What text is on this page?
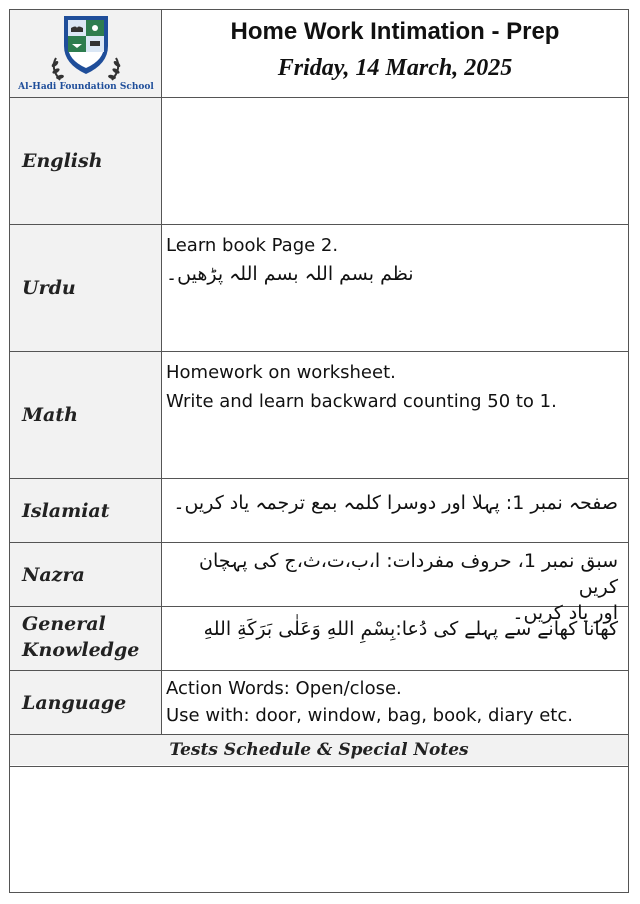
Al-Hadi Foundation School
Home Work Intimation - Prep
Friday, 14 March, 2025
English
Urdu
Learn book Page 2.
نظم بسم اللہ بسم اللہ پڑھیں۔
Math
Homework on worksheet.
Write and learn backward counting 50 to 1.
Islamiat	صفحہ نمبر 1: پہلا اور دوسرا کلمہ بمع ترجمہ یاد کریں۔
Nazra
سبق نمبر 1، حروف مفردات: ا،ب،ت،ث،ج کی پہچان کریں
اور یاد کریں۔
General Knowledge
کھانا کھانے سے پہلے کی دُعا:بِسْمِ اللهِ وَعَلٰى بَرَكَةِ اللهِ
Language
Action Words: Open/close.
Use with: door, window, bag, book, diary etc.
Tests Schedule & Special Notes
